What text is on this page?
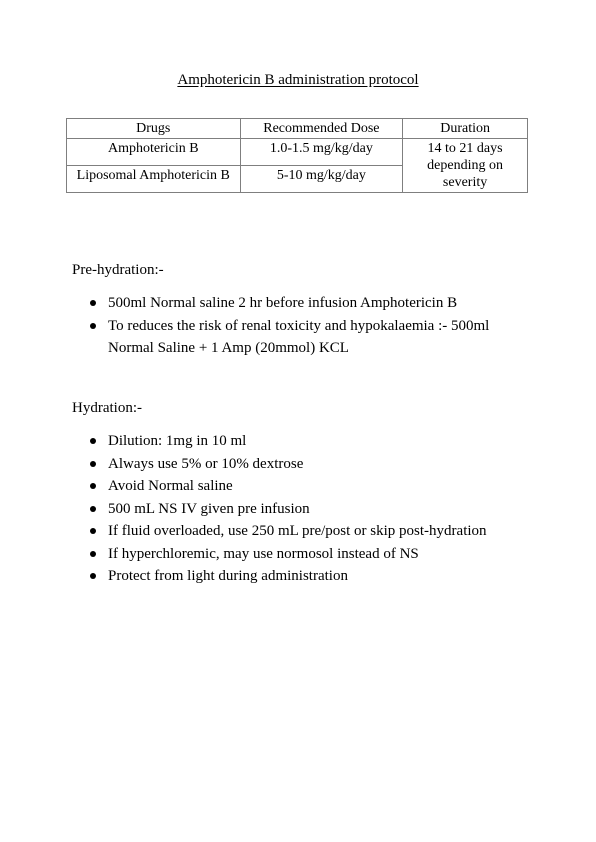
Amphotericin B administration protocol
Drugs	Recommended Dose	Duration
Amphotericin B	1.0-1.5 mg/kg/day	14 to 21 days depending on severity
Liposomal Amphotericin B	5-10 mg/kg/day	
Pre-hydration:-
500ml Normal saline 2 hr before infusion Amphotericin B
To reduces the risk of renal toxicity and hypokalaemia :- 500ml Normal Saline + 1 Amp (20mmol) KCL
Hydration:-
Dilution: 1mg in 10 ml
Always use 5% or 10% dextrose
Avoid Normal saline
500 mL NS IV given pre infusion
If fluid overloaded, use 250 mL pre/post or skip post-hydration
If hyperchloremic, may use normosol instead of NS
Protect from light during administration
